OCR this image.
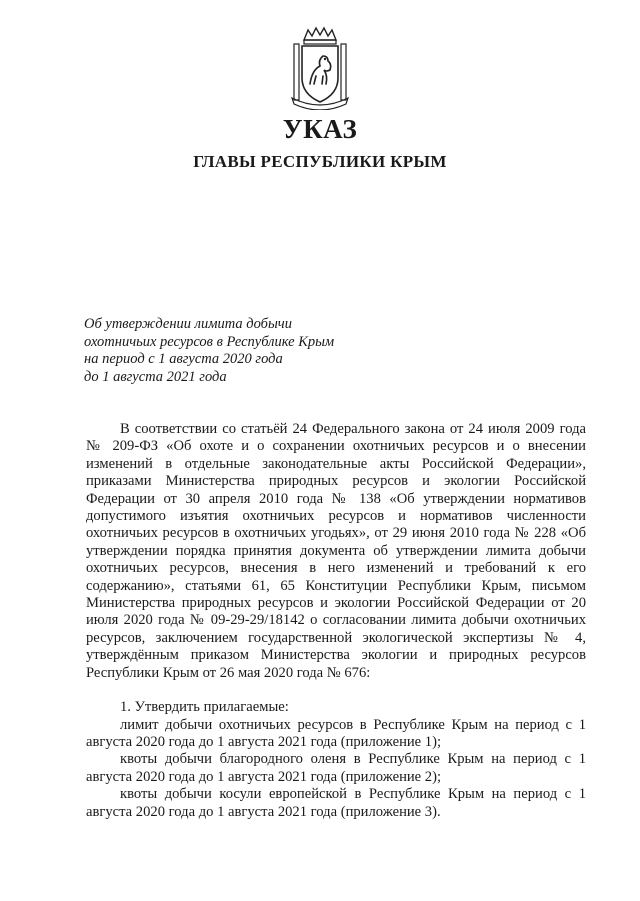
УКАЗ
ГЛАВЫ РЕСПУБЛИКИ КРЫМ
Об утверждении лимита добычи
охотничьих ресурсов в Республике Крым
на период с 1 августа 2020 года
до 1 августа 2021 года

В соответствии со статьёй 24 Федерального закона от 24 июля 2009 года № 209-ФЗ «Об охоте и о сохранении охотничьих ресурсов и о внесении изменений в отдельные законодательные акты Российской Федерации», приказами Министерства природных ресурсов и экологии Российской Федерации от 30 апреля 2010 года № 138 «Об утверждении нормативов допустимого изъятия охотничьих ресурсов и нормативов численности охотничьих ресурсов в охотничьих угодьях», от 29 июня 2010 года № 228 «Об утверждении порядка принятия документа об утверждении лимита добычи охотничьих ресурсов, внесения в него изменений и требований к его содержанию», статьями 61, 65 Конституции Республики Крым, письмом Министерства природных ресурсов и экологии Российской Федерации от 20 июля 2020 года № 09-29-29/18142 о согласовании лимита добычи охотничьих ресурсов, заключением государственной экологической экспертизы № 4, утверждённым приказом Министерства экологии и природных ресурсов Республики Крым от 26 мая 2020 года № 676:

1. Утвердить прилагаемые:

лимит добычи охотничьих ресурсов в Республике Крым на период с 1 августа 2020 года до 1 августа 2021 года (приложение 1);

квоты добычи благородного оленя в Республике Крым на период с 1 августа 2020 года до 1 августа 2021 года (приложение 2);

квоты добычи косули европейской в Республике Крым на период с 1 августа 2020 года до 1 августа 2021 года (приложение 3).
